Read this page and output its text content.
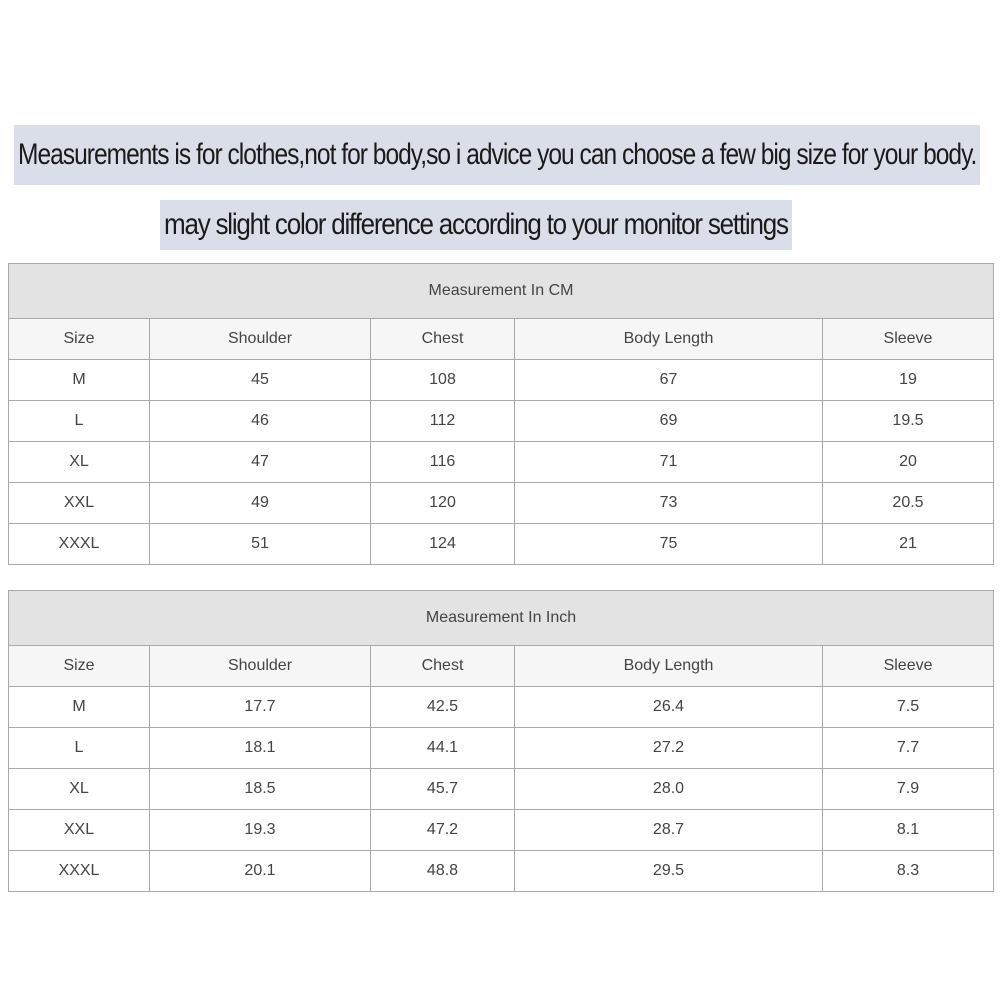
Measurements is for clothes,not for body,so i advice you can choose a few big size for your body.
may slight color difference according to your monitor settings
Measurement In CM				
Size	Shoulder	Chest	Body Length	Sleeve
M	45	108	67	19
L	46	112	69	19.5
XL	47	116	71	20
XXL	49	120	73	20.5
XXXL	51	124	75	21
Measurement In Inch				
Size	Shoulder	Chest	Body Length	Sleeve
M	17.7	42.5	26.4	7.5
L	18.1	44.1	27.2	7.7
XL	18.5	45.7	28.0	7.9
XXL	19.3	47.2	28.7	8.1
XXXL	20.1	48.8	29.5	8.3
